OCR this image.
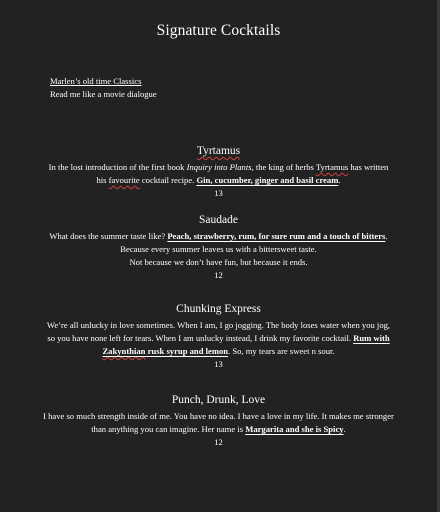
Signature Cocktails
Marlen’s old time Classics
Read me like a movie dialogue
Tyrtamus

In the lost introduction of the first book Inquiry into Plants, the king of herbs Tyrtamus has written his favourite cocktail recipe. Gin, cucumber, ginger and basil cream.

13
Saudade

What does the summer taste like? Peach, strawberry, rum, for sure rum and a touch of bitters. Because every summer leaves us with a bittersweet taste.
Not because we don’t have fun, but because it ends.

12
Chunking Express

We’re all unlucky in love sometimes. When I am, I go jogging. The body loses water when you jog, so you have none left for tears. When I am unlucky instead, I drink my favorite cocktail. Rum with Zakynthian rusk syrup and lemon. So, my tears are sweet n sour.

13
Punch, Drunk, Love

I have so much strength inside of me. You have no idea. I have a love in my life. It makes me stronger than anything you can imagine. Her name is Margarita and she is Spicy.

12
